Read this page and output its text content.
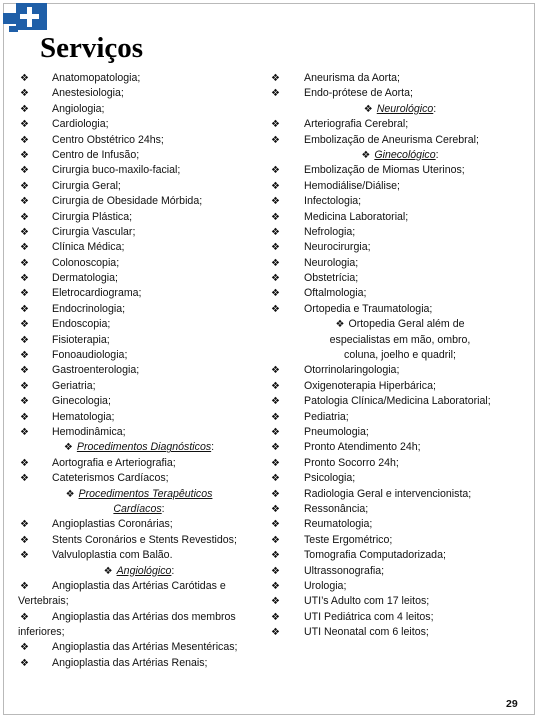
Serviços
❖ Anatomopatologia;
❖ Anestesiologia;
❖ Angiologia;
❖ Cardiologia;
❖ Centro Obstétrico 24hs;
❖ Centro de Infusão;
❖ Cirurgia buco-maxilo-facial;
❖ Cirurgia Geral;
❖ Cirurgia de Obesidade Mórbida;
❖ Cirurgia Plástica;
❖ Cirurgia Vascular;
❖ Clínica Médica;
❖ Colonoscopia;
❖ Dermatologia;
❖ Eletrocardiograma;
❖ Endocrinologia;
❖ Endoscopia;
❖ Fisioterapia;
❖ Fonoaudiologia;
❖ Gastroenterologia;
❖ Geriatria;
❖ Ginecologia;
❖ Hematologia;
❖ Hemodinâmica;
❖ Procedimentos Diagnósticos:
❖ Aortografia e Arteriografia;
❖ Cateterismos Cardíacos;
❖ Procedimentos Terapêuticos
Cardíacos:
❖ Angioplastias Coronárias;
❖ Stents Coronários e Stents Revestidos;
❖ Valvuloplastia com Balão.
❖ Angiológico:
❖ Angioplastia das Artérias Carótidas e
Vertebrais;
❖ Angioplastia das Artérias dos membros
inferiores;
❖ Angioplastia das Artérias Mesentéricas;
❖ Angioplastia das Artérias Renais;
❖ Aneurisma da Aorta;
❖ Endo-prótese de Aorta;
❖ Neurológico:
❖ Arteriografia Cerebral;
❖ Embolização de Aneurisma Cerebral;
❖ Ginecológico:
❖ Embolização de Miomas Uterinos;
❖ Hemodiálise/Diálise;
❖ Infectologia;
❖ Medicina Laboratorial;
❖ Nefrologia;
❖ Neurocirurgia;
❖ Neurologia;
❖ Obstetrícia;
❖ Oftalmologia;
❖ Ortopedia e Traumatologia;
❖ Ortopedia Geral além de
especialistas em mão, ombro,
coluna, joelho e quadril;
❖ Otorrinolaringologia;
❖ Oxigenoterapia Hiperbárica;
❖ Patologia Clínica/Medicina Laboratorial;
❖ Pediatria;
❖ Pneumologia;
❖ Pronto Atendimento 24h;
❖ Pronto Socorro 24h;
❖ Psicologia;
❖ Radiologia Geral e intervencionista;
❖ Ressonância;
❖ Reumatologia;
❖ Teste Ergométrico;
❖ Tomografia Computadorizada;
❖ Ultrassonografia;
❖ Urologia;
❖ UTI’s Adulto com 17 leitos;
❖ UTI Pediátrica com 4 leitos;
❖ UTI Neonatal com 6 leitos;
29
